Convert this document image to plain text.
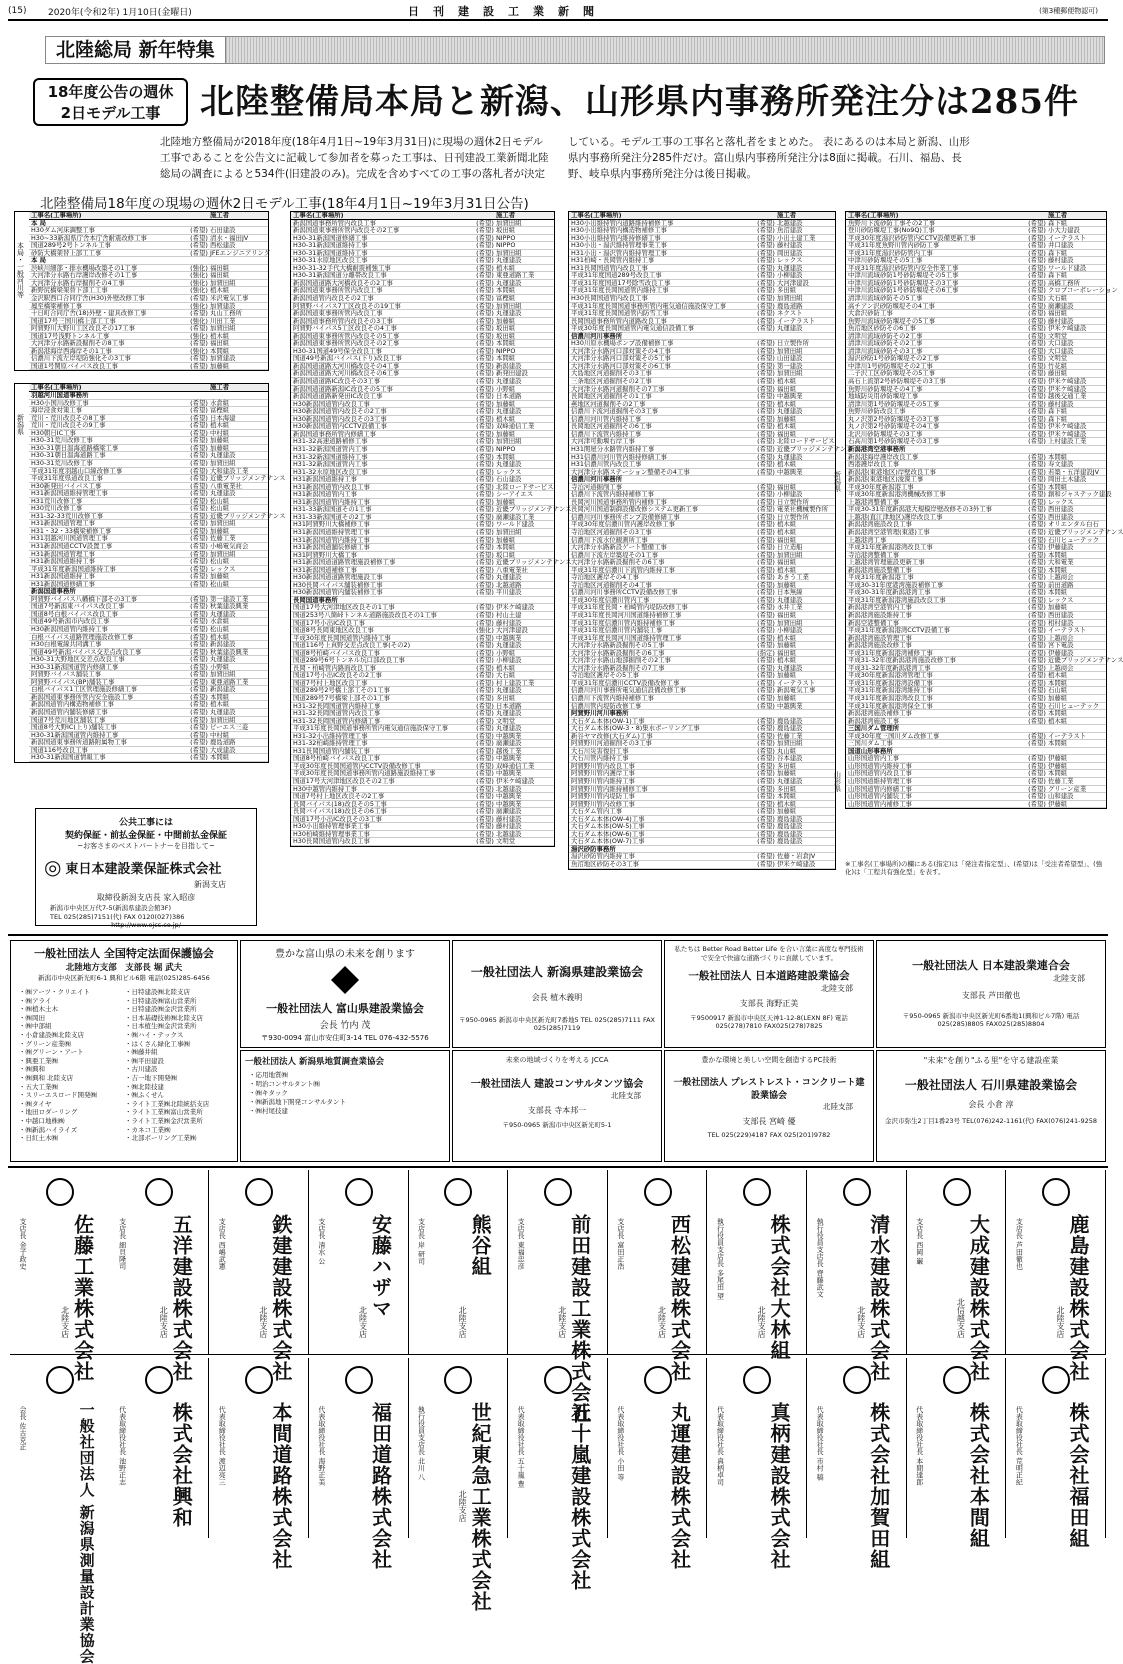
(15)	2020年(令和2年) 1月10日(金曜日)	日刊建設工業新聞	(第3種郵便物認可)
北陸総局 新年特集
18年度公告の週休
2日モデル工事	北陸整備局本局と新潟、山形県内事務所発注分は285件
北陸地方整備局が2018年度(18年4月1日~19年3月31日)に現場の週休2日モデル工事であることを公告文に記載して参加者を募った工事は、日刊建設工業新聞北陸総局の調査によると534件(旧建設のみ)。完成を含めすべての工事の落札者が決定
している。モデル工事の工事名と落札者をまとめた。 表にあるのは本局と新潟、山形県内事務所発注分285件だけ。富山県内事務所発注分は8面に掲載。石川、福島、長野、岐阜県内事務所発注分は後日掲載。
北陸整備局18年度の現場の週休2日モデル工事(18年4月1日~19年3月31日公告)
本局・一般河川等
工事名(工事場所)	施工者
本 局
H30ダム河床調整工事	(希望) 石田建設
H30~33新潟県庁舎本庁舎耐震改修工事	(希望) 清水・福田JV
国道289号2号トンネル工事	(希望) 西松建設
砂防大橋架替上部工工事	(希望) JFEエンジニアリング
本 局
渋峡川細部・排水機場改築その1工事	(強化) 福田組
大河津分水路右岸護岸改修その1工事	(強化) 福田組
大河津分水路右岸掘削その4工事	(強化) 加賀田組
新野尻橋梁架替下部工工事	(強化) 植木組
金沢駅西口合同庁舎(H30)外壁改修工事	(希望) 米沢電気工事
鳳至橋梁補修工事	(強化) 加賀建設
十日町合同庁舎(18)外壁・建具改修工事	(希望) 丸山工務所
国道17号三国川橋上部工工事	(強化) 川田工業
阿賀野川大野川工区改良その17工事	(希望) 加賀田組
国道17号浅野トンネル工事	(強化) 植木組
大河津分水路新設掘削その8工事	(希望) 福田組
新潟港海岸西海岸その1工事	(強化) 本間組
信濃川下流左岸堤防強化その3工事	(希望) 加賀建設
国道1号関原バイパス改良工事	(希望) 加藤組
新潟県
工事名(工事場所)	施工者
羽越河川国道事務所
H30小国川改修工事	(希望) 水倉組
海岸浸食対策工事	(希望) 富樫組
荒川・荒川改良その8工事	(希望) 日本海建
荒川・荒川改良その9工事	(希望) 植木組
H30朝日IC工事	(希望) 中村組
H30-31荒川改修工事	(希望) 加藤組
H30-31朝日温海道路橋梁工事	(希望) 加藤組
H30-31朝日温海道路工事	(希望) 丸運建設
H30-31荒川改修工事	(希望) 加賀田組
平成31年度羽越山口線改修工事	(希望) 大和建設工業
平成31年度県道改良工事	(希望) 近畿ブリッジメンテナンス
H30新発田バイパス工事	(希望) 八重電業社
H31新潟国道維持管理工事	(希望) 丸運建設
H31荒川改修工事	(希望) 松山組
H30荒川改修工事	(希望) 松山組
H31-32-33荒川改修工事	(希望) 近畿ブリッジメンテナンス
H31新潟国道管理工事	(希望) 加賀田組
H31・32・33橋梁補修工事	(希望) 加藤組
H31羽越河川国道管理工事	(希望) 佐藤工業
H31新潟国道CCTV設置工事	(希望) 小嶋電気商会
H31新潟国道管理工事	(希望) 加賀田組
H31新潟国道維持工事	(希望) 松山組
平成31年度新潟国道維持工事	(希望) レックス
H31新潟国道維持工事	(希望) 加藤組
H31新潟国道修繕工事	(希望) 松山組
新潟国道事務所
阿賀野バイパス八幡橋下部その3工事	(希望) 第一建設工業
国道7号新潟東バイパス改良工事	(希望) 秋葉建設興業
国道8号白根バイパス改良工事	(希望) 丸運建設
国道49号新潟市内改良工事	(希望) 水倉組
H30新潟国道管内維持工事	(希望) 松山組
白根バイパス道路管理施設改修工事	(希望) 植木組
H30白根電線共同溝工事	(希望) 新潟建設
国道49号新潟バイパス交差点改良工事	(希望) 秋葉建設興業
H30-31大野地区交差点改良工事	(希望) 丸運建設
H30-31新潟国道管内修繕工事	(希望) 小野組
阿賀野バイパス舗装工事	(希望) 加賀田組
阿賀野バイパス(BP)舗装工事	(希望) 東亜道路工業
白根バイパス1工区管理施設修繕工事	(希望) 新潟建設
新潟国道東事務所管内安全施設工事	(希望) 本間組
新潟国道管内構造物補修工事	(希望) 植木組
新潟国道管内舗装修繕工事	(希望) 丸運建設
国道7号荒川地区舗装工事	(希望) 加賀田組
国道8号大野IC(上り)舗装工事	(希望) ピーエス三菱
H30-31新潟国道管内維持工事	(希望) 中村組
新潟国道東事務所道路附属物工事	(希望) 鹿島道路
国道116号改良工事	(希望) 大成建設
H30-31新潟国道情報工事	(希望) 本間組
工事名(工事場所)	施工者
新潟国道事務所管内改良工事	(希望) 加賀田組
新潟国道東事務所管内改良その2工事	(希望) 坂田組
H30-31新潟国道修繕工事	(希望) NIPPO
H30-31新潟国道維持工事	(希望) NIPPO
H30-31新潟国道維持工事	(希望) 加賀田組
H30-31水原地区改良工事	(希望) 丸運建設
H30-31-32手代大橋耐震補強工事	(希望) 植木組
H30-31新潟国道分離帯改良工事	(希望) 東亜道路工業
新潟国道道路大河橋改良その2工事	(希望) 丸運建設
新潟国道東事務所管内改良工事	(希望) 本間組
新潟国道管内改良その2工事	(希望) 富樫組
阿賀野バイパス7工区改良その19工事	(希望) 加賀田組
新潟国道東事務所管内改良工事	(希望) 丸運建設
新潟国道事務所管内改良その3工事	(希望) 加藤組
阿賀野バイパス5工区改良その4工事	(希望) 坂田組
新潟国道東事務所管内改良その5工事	(希望) 坂田組
新潟国道東事務所管内改良その2工事	(希望) 本間組
H30-31国道49号保全改良工事	(希望) NIPPO
国道49号新潟バイパス(下り)改良工事	(希望) 本間組
新潟国道道路大河川橋改良その4工事	(希望) 新潟建設
新潟国道道路大河川橋改良その6工事	(希望) 新発田建設
新潟国道道路IC改良その3工事	(希望) 丸運建設
新潟国道道路新潟IC改良その5工事	(希望) 小野組
新潟国道道路新発田IC改良工事	(希望) 日本道路
H30新潟国道管内改良工事	(希望) 加藤組
H30新潟国道管内改良その2工事	(希望) 丸運建設
H30新潟国道管内改良その3工事	(希望) 植木組
H30新潟国道管内CCTV設備工事	(希望) 双峰通信工業
新潟国道事務所管内修繕工事	(希望) 加藤組
H31-32高速道路補修工事	(希望) 加賀田組
H31-32新潟国道管内工事	(希望) NIPPO
H31-32新潟国道維持工事	(希望) 本間組
H31-32新潟国道管内工事	(希望) 丸運建設
H31-32水原地区改良工事	(希望) レックス
H31新潟国道維持工事	(希望) 石山建設
H31新潟国道管内改良工事	(希望) 北陸ロードサービス
H31新潟国道管内工事	(希望) シーアイエス
H31新潟国道管内維持工事	(希望) 加藤組
H31-33新潟国道その1工事	(希望) 近畿ブリッジメンテナンス
H31-33新潟国道その2工事	(希望) 廣瀬建設工業
H31阿賀野川大橋補修工事	(希望) ワールド建設
H31新潟国道維持管理工事	(希望) 加賀田組
H31新潟国道管内維持工事	(希望) 加藤組
H31新潟国道舗装修繕工事	(希望) 本間組
H31阿賀野川大橋工事	(希望) 坂口組
H31新潟国道道路管理施設補修工事	(希望) 近畿ブリッジメンテナンス
H31新潟国道補修工事	(希望) 八重電業社
H30新潟国道道路管理施設工事	(希望) 丸運建設
H30長岡バイパス舗装補修工事	(希望) 北越道路
H30新潟国道管内舗装補修工事	(希望) 平川建設
長岡国道事務所
国道17号大河津地区改良その1工事	(希望) 伊米ケ崎建設
国道253号八箇峠トンネル道路施設改良その1工事	(希望) 村山土建
国道17号小出IC改良工事	(希望) 藤村建設
国道8号長岡東地区改良工事	(強化) 大河津建設
平成30年度長岡国道管内維持工事	(希望) 中越興業
国道116号上真野交差点改良工事(その2)	(希望) 丸運建設
国道8号柏崎バイパス改良工事	(希望) 小野組
国道289号6号トンネル坑口部改良工事	(希望) 小柳建設
長岡・柏崎管内路面改良工事	(希望) 植木組
国道17号小出IC改良その2工事	(希望) 大石組
国道7号村上地区改良工事	(希望) 村上建設工業
国道289号2号橋上部工その1工事	(希望) 丸運建設
国道289号7号橋梁上部その1工事	(希望) 多田組
H31-32長岡国道管内維持工事	(希望) 日本道路
H31-32長岡国道管内改良工事	(希望) 丸運建設
H31-32長岡国道管内修繕工事	(希望) 文明堂
平成31年度長岡国道事務所管内電気通信施設保守工事	(希望) 丸運建設
H31-32小出維持管理工事	(希望) 中越興業
H31-32柏崎維持管理工事	(希望) 廣瀬建設
H31長岡国道管内舗装工事	(希望) 越後工業
国道8号柏崎バイパス改良工事	(希望) 中越興業
平成30年度長岡国道管内CCTV設備改修工事	(希望) 双峰通信工業
平成30年度長岡国道事務所管内道路施設維持工事	(希望) 中越興業
国道17号大河津地区改良その2工事	(希望) 伊米ケ崎建設
H30中越管内維持工事	(希望) 北越建設
国道7号村上地区改良その2工事	(希望) 中越興業
長岡バイパス(18)改良その5工事	(希望) 中越興業
長岡バイパス(18)改良その6工事	(希望) 廣瀬建設
国道17号小出IC改良その3工事	(希望) 藤村建設
H30小出維持管理事業工事	(希望) 藤村建設
H30柏崎維持管理事業工事	(希望) 北越建設
H30長岡国道管内改良工事	(希望) 文明堂
工事名(工事場所)	施工者
H30小出維持管内道路維持補修工事	(希望) 北越建設
H30小出維持管内構造物補修工事	(希望) 魚沼建設
H30小出維持管内維持修繕工事	(希望) 小出土建工業
H30小出・湯沢維持管理事業工事	(希望) 藤村建設
H31小出・湯沢管内維持管理工事	(希望) 岡田建設
H31柏崎・長岡管内維持工事	(希望) レックス
H31長岡国道管内改良工事	(希望) 丸運建設
平成31年度国道289号改良工事	(希望) 小柳建設
平成31年度国道17号除雪改良工事	(希望) 大河津建設
平成31年度長岡国道管内維持工事	(希望) 多田組
H30長岡国道管内改良工事	(希望) 加賀田組
平成31年度長岡国道事務所管内電気通信施設保守工事	(希望) 鹿島道路
平成31年度長岡国道管内防雪工事	(希望) ネクスト
長岡国道事務所管内道路改良工事	(希望) イーテラスト
平成30年度長岡国道管内電気通信設備工事	(希望) 丸運建設
信濃川河川事務所
H30川原水機場ポンプ設備補修工事	(希望) 日立製作所
大河津分水路河口部対策その4工事	(希望) 加賀田組
大河津分水路河口部対策その5工事	(希望) 山田建設
大河津分水路河口部対策その6工事	(希望) 第一建設
大島地区河道掘削その3工事	(希望) 加賀田組
三条地区河道掘削その2工事	(希望) 植木組
大河津分水路河道掘削その7工事	(希望) 福田組
長岡地区河道掘削その1工事	(希望) 中越興業
燕地区河道掘削その2工事	(希望) 植木組
信濃川下流河道掘削その3工事	(希望) 丸運建設
信濃川河川管内維持工事	(希望) 加藤組
長岡地区河道掘削その6工事	(希望) 植木組
信濃川下流管内維持工事	(希望) 福田組
大河津可動堰右岸工事	(希望) 北陸ロードサービス
H31関屋分水路管内維持工事	(希望) 近畿ブリッジメンテナンス
H31信濃川河川管内維持修繕工事	(希望) 丸運建設
H31信濃川管内改良工事	(希望) 植木組
大河津分水路ステーション整備その4工事	(希望) 中越興業
信濃川河川事務所
寺泊河道掘削工事	(希望) 福田組
信濃川下流管内維持補修工事	(希望) 小柳建設
長岡河川国道事務所管内補修工事	(希望) 日立製作所
長岡河川国道制御設備改修システム更新工事	(希望) 電業社機械製作所
信濃川河川事務所ポンプ設備修繕工事	(希望) 日立製作所
平成30年度信濃川管内護岸改修工事	(希望) 植木組
寺泊地区河道掘削その3工事	(希望) 植木組
信濃川下流水位観測所工事	(希望) 福田組
大河津分水路新設ゲート整備工事	(希望) 日立造船
信濃川下流左岸築堤その1工事	(希望) 加賀田組
大河津分水路新設掘削その6工事	(希望) 福田組
平成31年度信濃川下流管内維持工事	(希望) 植木組
寺泊地区護岸その4工事	(希望) あきう工業
寺泊地区河道掘削その4工事	(希望) 加藤組
信濃川河川事務所CCTV設備改修工事	(希望) 日本無線
平成30年度信濃川管内工事	(希望) 丸運建設
平成31年度長岡・柏崎管内堤防改修工事	(希望) 永井工業
平成31年度長岡河川国道維持補修工事	(希望) 福田組
平成31年度信濃川管内維持補修工事	(希望) 加賀田組
平成31年度信濃川管内舗装工事	(希望) 小柳建設
平成31年度長岡河川国道維持管理工事	(希望) 植木組
大河津分水路新設掘削その5工事	(希望) 加藤組
大河津分水路新設掘削その6工事	(指定) 福田組
大河津分水路山地部掘削その2工事	(希望) 植木組
大河津分水路新設掘削その7工事	(希望) 丸運建設
寺泊地区護岸その5工事	(希望) 加藤組
平成31年度信濃川CCTV設備改修工事	(希望) イーテラスト
信濃川河川事務所電気通信設備改修工事	(希望) 新潟電気工事
信濃川下流管内維持補修工事	(希望) 加藤組
信濃川管内堤防改修工事	(希望) 中越興業
阿賀野川河川事務所
大石ダム本体(OW-1)工事	(希望) 鹿島建設
大石ダム本体(OW-3・8)集水ボーリング工事	(希望) 鹿島建設
新谷ヤマ改修(大石ダム)工事	(希望) 佐藤工業
阿賀野川河道掘削その3工事	(希望) 加賀田組
大石川災害復旧工事	(希望) 丸山組
大石川管内維持工事	(希望) 谷本建設
阿賀野川管内改良工事	(希望) 多田組
阿賀野川管内護岸工事	(希望) 加藤組
阿賀野川管内維持工事	(希望) 丸運建設
阿賀野川管内維持補修工事	(希望) 多田組
阿賀野川管内堤防工事	(希望) 本間組
阿賀野川管内改修工事	(希望) 植木組
大石ダム管内工事	(希望) 加藤組
大石ダム本体(OW-4)工事	(希望) 鹿島建設
大石ダム本体(OW-5)工事	(希望) 鹿島建設
大石ダム本体(OW-6)工事	(希望) 鹿島建設
大石ダム本体(OW-7)工事	(希望) 鹿島建設
湯沢砂防事務所
湯沢砂防管内維持工事	(希望) 佐藤・岩倉JV
魚沼地区砂防その3工事	(希望) 伊米ケ崎建設
工事名(工事場所)	施工者
魚野川下流砂防工事その2工事	(希望) 森下組
登川砂防堰堤工事(No9Q)工事	(希望) 小大力建設
平成30年度湯沢砂防管内CCTV設備更新工事	(希望) イーテラスト
平成31年度魚野川管内砂防工事	(希望) 井口建設
平成31年度湯沢砂防管内工事	(希望) 森下組
中津川砂防堰堤その5工事	(希望) 藤村建設
平成31年度湯沢砂防管内安全作業工事	(希望) ワールド建設
中津川流域砂防1号砂防堰堤その5工事	(希望) 森下組
中津川流域砂防1号砂防堰堤その3工事	(希望) 高橋工務所
中津川流域砂防1号砂防堰堤その6工事	(希望) クロブコーポレーション
清津川流域砂防その5工事	(希望) 大石組
高チアン沢砂防堰堤その4工事	(希望) 廣瀬建設
大倉沢砂防工事	(希望) 福田組
魚野川流域砂防堰堤その5工事	(希望) 藤村建設
魚沼地区砂防その6工事	(希望) 伊米ケ崎建設
清津川流域砂防その2工事	(希望) 文明堂
清津川流域砂防その2工事	(希望) 大口建設
清津川流域砂防その3工事	(希望) 大口建設
湯沢砂防1号砂防堰堤その2工事	(希望) 文明堂
中津川1号砂防堰堤その2工事	(希望) 竹花組
二子沢工区砂防堰堤その5工事	(希望) 藤田組
高石上流第2号砂防堰堤その3工事	(希望) 伊米ケ崎建設
魚野川砂防堰堤その4工事	(希望) 伊米ケ崎建設
地域防災用砂防堰堤工事	(希望) 越後交通工業
清津川第1号砂防堰堤その5工事	(希望) 藤村建設
魚野川砂防改良工事	(希望) 森下組
丸ノ沢第2号砂防堰堤その3工事	(希望) 森下組
丸ノ沢第2号砂防堰堤その4工事	(希望) 伊米ケ崎建設
北沢川砂防堰堤その3工事	(希望) 伊米ケ崎建設
石高川第1号砂防堰堤その3工事	(希望) 上村建設工業
新潟港湾空港事務所
新潟港海岸護岸改良工事	(希望) 本間組
西港護岸改良工事	(希望) 寿文建設
新潟港(東港地区)岸壁改良工事	(希望) 若築・五洋建設JV
新潟港(東港地区)浚渫工事	(希望) 岡田土木建設
平成30年度新潟港工事	(希望) 本間組
平成30年度新潟港湾機械改修工事	(希望) 創和ジャステック建設
上越港湾整備工事	(希望) レックス
平成30-31年度新潟港大規模岸壁改修その3外工事	(希望) 西田建設
上越港(直江津地区)護岸改良工事	(希望) 西田建設
新潟港湾施設改良工事	(希望) オリエンタル白石
新潟港湾空港管理(東港)工事	(希望) 近畿ブリッジメンテナンス
上越港湾工事	(希望) 石川ヒューテック
平成31年度新潟港湾改良工事	(希望) 伊藤建設
寺泊港湾整備工事	(希望) 本間組
上越港湾管理施設更新工事	(希望) 大和電業
新潟港湾施設整備工事	(希望) 本間組
平成31年度新潟港工事	(希望) 上越商会
平成30-31年度港湾施設補修工事	(希望) 前田道路
平成30-31年度新潟港湾工事	(希望) 本間組
平成31年度新潟港湾施設改良工事	(希望) レックス
新潟港湾空港管内工事	(希望) 加藤組
新潟港湾施設維持工事	(希望) 西田建設
新潟空港整備工事	(希望) 相村建設
平成31年度新潟港湾CCTV設備工事	(希望) イーテラスト
新潟港湾施設管理工事	(希望) 上越商会
新潟港湾施設改修工事	(希望) 宮下電設
平成31年度新潟港湾補修工事	(希望) 伊藤建設
平成31-32年度新潟港湾施設改修工事	(希望) 近畿ブリッジメンテナンス
平成31-32年度新潟港湾工事	(希望) 上越商会
平成30年度新潟港湾管理工事	(希望) 植木組
平成31年度新潟港湾設備工事	(希望) 本間組
平成31年度新潟港湾維持工事	(希望) 石山組
平成31年度新潟港湾改良工事	(希望) 加藤組
平成31年度新潟港湾保全工事	(希望) 石川ヒューテック
新潟港湾施設補修工事	(希望) 本間組
新潟港湾施設工事	(希望) 植木組
三国川ダム管理所
平成30年度三国川ダム改修工事	(希望) イーテラスト
三国川ダム工事	(希望) 本間組
国道山形事務所
山形国道管内工事	(希望) 伊藤組
山形国道管内維持工事	(希望) 伊藤組
山形国道管内改良工事	(希望) 本間組
山形国道維持管理工事	(希望) 佐藤工業
山形国道管内修繕工事	(希望) グリーン産業
山形国道管内舗装工事	(希望) 山和建設
山形国道管内補修工事	(希望) 伊藤組
新潟県
山形県
※工事名(工事場所)の欄にある(指定)は「発注者指定型」、(希望)は「受注者希望型」、(強化)は「工程共有強化型」を表す。
公共工事には
契約保証・前払金保証・中間前払金保証
~お客さまのベストパートナーを目指して~
◎ 東日本建設業保証株式会社
新潟支店
取締役新潟支店長 家入昭彦
新潟市中央区万代7-5(新潟県建設会館3F)
TEL 025(285)7151(代) FAX 0120(027)386
http://www.ejcs.co.jp/
一般社団法人 全国特定法面保護協会
北陸地方支部　 支部長 堀 武夫
新潟市中央区新光町6-1 興和ビル6階 電話(025)285-6456
・㈱アーツ・クリエイト
・㈱アライ
・㈱植木土木
・㈱岡田
・㈱中部組
・小倉建設㈱北陸支店
・グリーン産業㈱
・㈱グリーン・アート
・興亜工業㈱
・㈱興和
・㈱興和 北陸支店
・五大工業㈱
・スリーエスロード開発㈱
・㈱タイヤ
・地田ロダーリング
・中越口地株㈱
・㈱新潟ハイライズ
・日紅土木㈱
・日特建設㈱北陸支店
・日特建設㈱富山営業所
・日特建設㈱金沢営業所
・日本基礎技術㈱北陸支店
・日本植生㈱金沢営業所
・㈱ハイ・テックス
・はくさん緑化工事㈱
・㈱藤井組
・㈱平田建設
・古川建設
・吉一地下開発㈱
・㈱北陸技建
・㈱ふくせん
・ライト工業㈱北陸統括支店
・ライト工業㈱富山営業所
・ライト工業㈱金沢営業所
・カネコ工業㈱
・北部ボーリング工業㈱
豊かな富山県の未来を創ります
一般社団法人 富山県建設業協会
会長 竹内 茂
〒930-0094 富山市安住町3-14 TEL 076-432-5576
一般社団法人 新潟県建設業協会
会長 植木義明
〒950-0965 新潟市中央区新光町7番地5 TEL 025(285)7111 FAX 025(285)7119
私たちは Better Road Better Life を合い言葉に高度な専門技術で安全で快適な道路づくりに貢献しています。
一般社団法人 日本道路建設業協会
北陸支部
支部長 海野正美
〒9500917 新潟市中央区天神1-12-8(LEXN 8F) 電話025(278)7810 FAX025(278)7825
一般社団法人 日本建設業連合会
北陸支部
支部長 芦田徹也
〒950-0965 新潟市中央区新光町6番地1(興和ビル7階) 電話025(285)8805 FAX025(285)8804
一般社団法人 新潟県地質調査業協会
・応用地質㈱
・明治コンサルタント㈱
・㈱キタック
・㈱新潟地下開発コンサルタント
・㈱村尾技建
未来の地域づくりを考える JCCA
一般社団法人 建設コンサルタンツ協会
北陸支部
支部長 寺本邦一
〒950-0965 新潟市中央区新光町5-1
豊かな環境と美しい空間を創造するPC技術
一般社団法人 プレストレスト・コンクリート建設業協会
北陸支部
支部長 宮崎 優
TEL 025(229)4187 FAX 025(201)9782
"未来"を創り"ふる里"を守る建設産業
一般社団法人 石川県建設業協会
会長 小倉 淳
金沢市弥生2丁目1番23号 TEL(076)242-1161(代) FAX(076)241-9258
鹿島建設株式会社
北陸支店
支店長 芦田徹也
大成建設株式会社
北信越支店
支店長 西岡 巌
清水建設株式会社
北陸支店
執行役員支店長 齊藤武文
株式会社大林組
北陸支店
執行役員支店長 多尾田 望
西松建設株式会社
北陸支店
支店長 富田正浩
前田建設工業株式会社
北陸支店
支店長 東福忠彦
熊谷組
北陸支店
支店長 岸 研司
安藤ハザマ
北陸支店
支店長 清水 公
鉄建建設株式会社
北陸支店
支店長 西嶋武憲
五洋建設株式会社
北陸支店
支店長 細貝隆司
佐藤工業株式会社
北陸支店
支店長 金子政史
株式会社福田組
代表取締役社長 荒明正紀
株式会社本間組
代表取締役社長 本間達郎
株式会社加賀田組
代表取締役社長 市村 稿
真柄建設株式会社
代表取締役社長 真柄卓司
丸運建設株式会社
代表取締役社長 小田 等
五十嵐建設株式会社
代表取締役社長 五十嵐 豊
世紀東急工業株式会社
北陸支店
執行役員支店長 北川 八
福田道路株式会社
代表取締役社長 海野正美
本間道路株式会社
代表取締役社長 渡辺亮三
株式会社興和
代表取締役社長 池野正志
一般社団法人 新潟県測量設計業協会
会長 佐古克正
